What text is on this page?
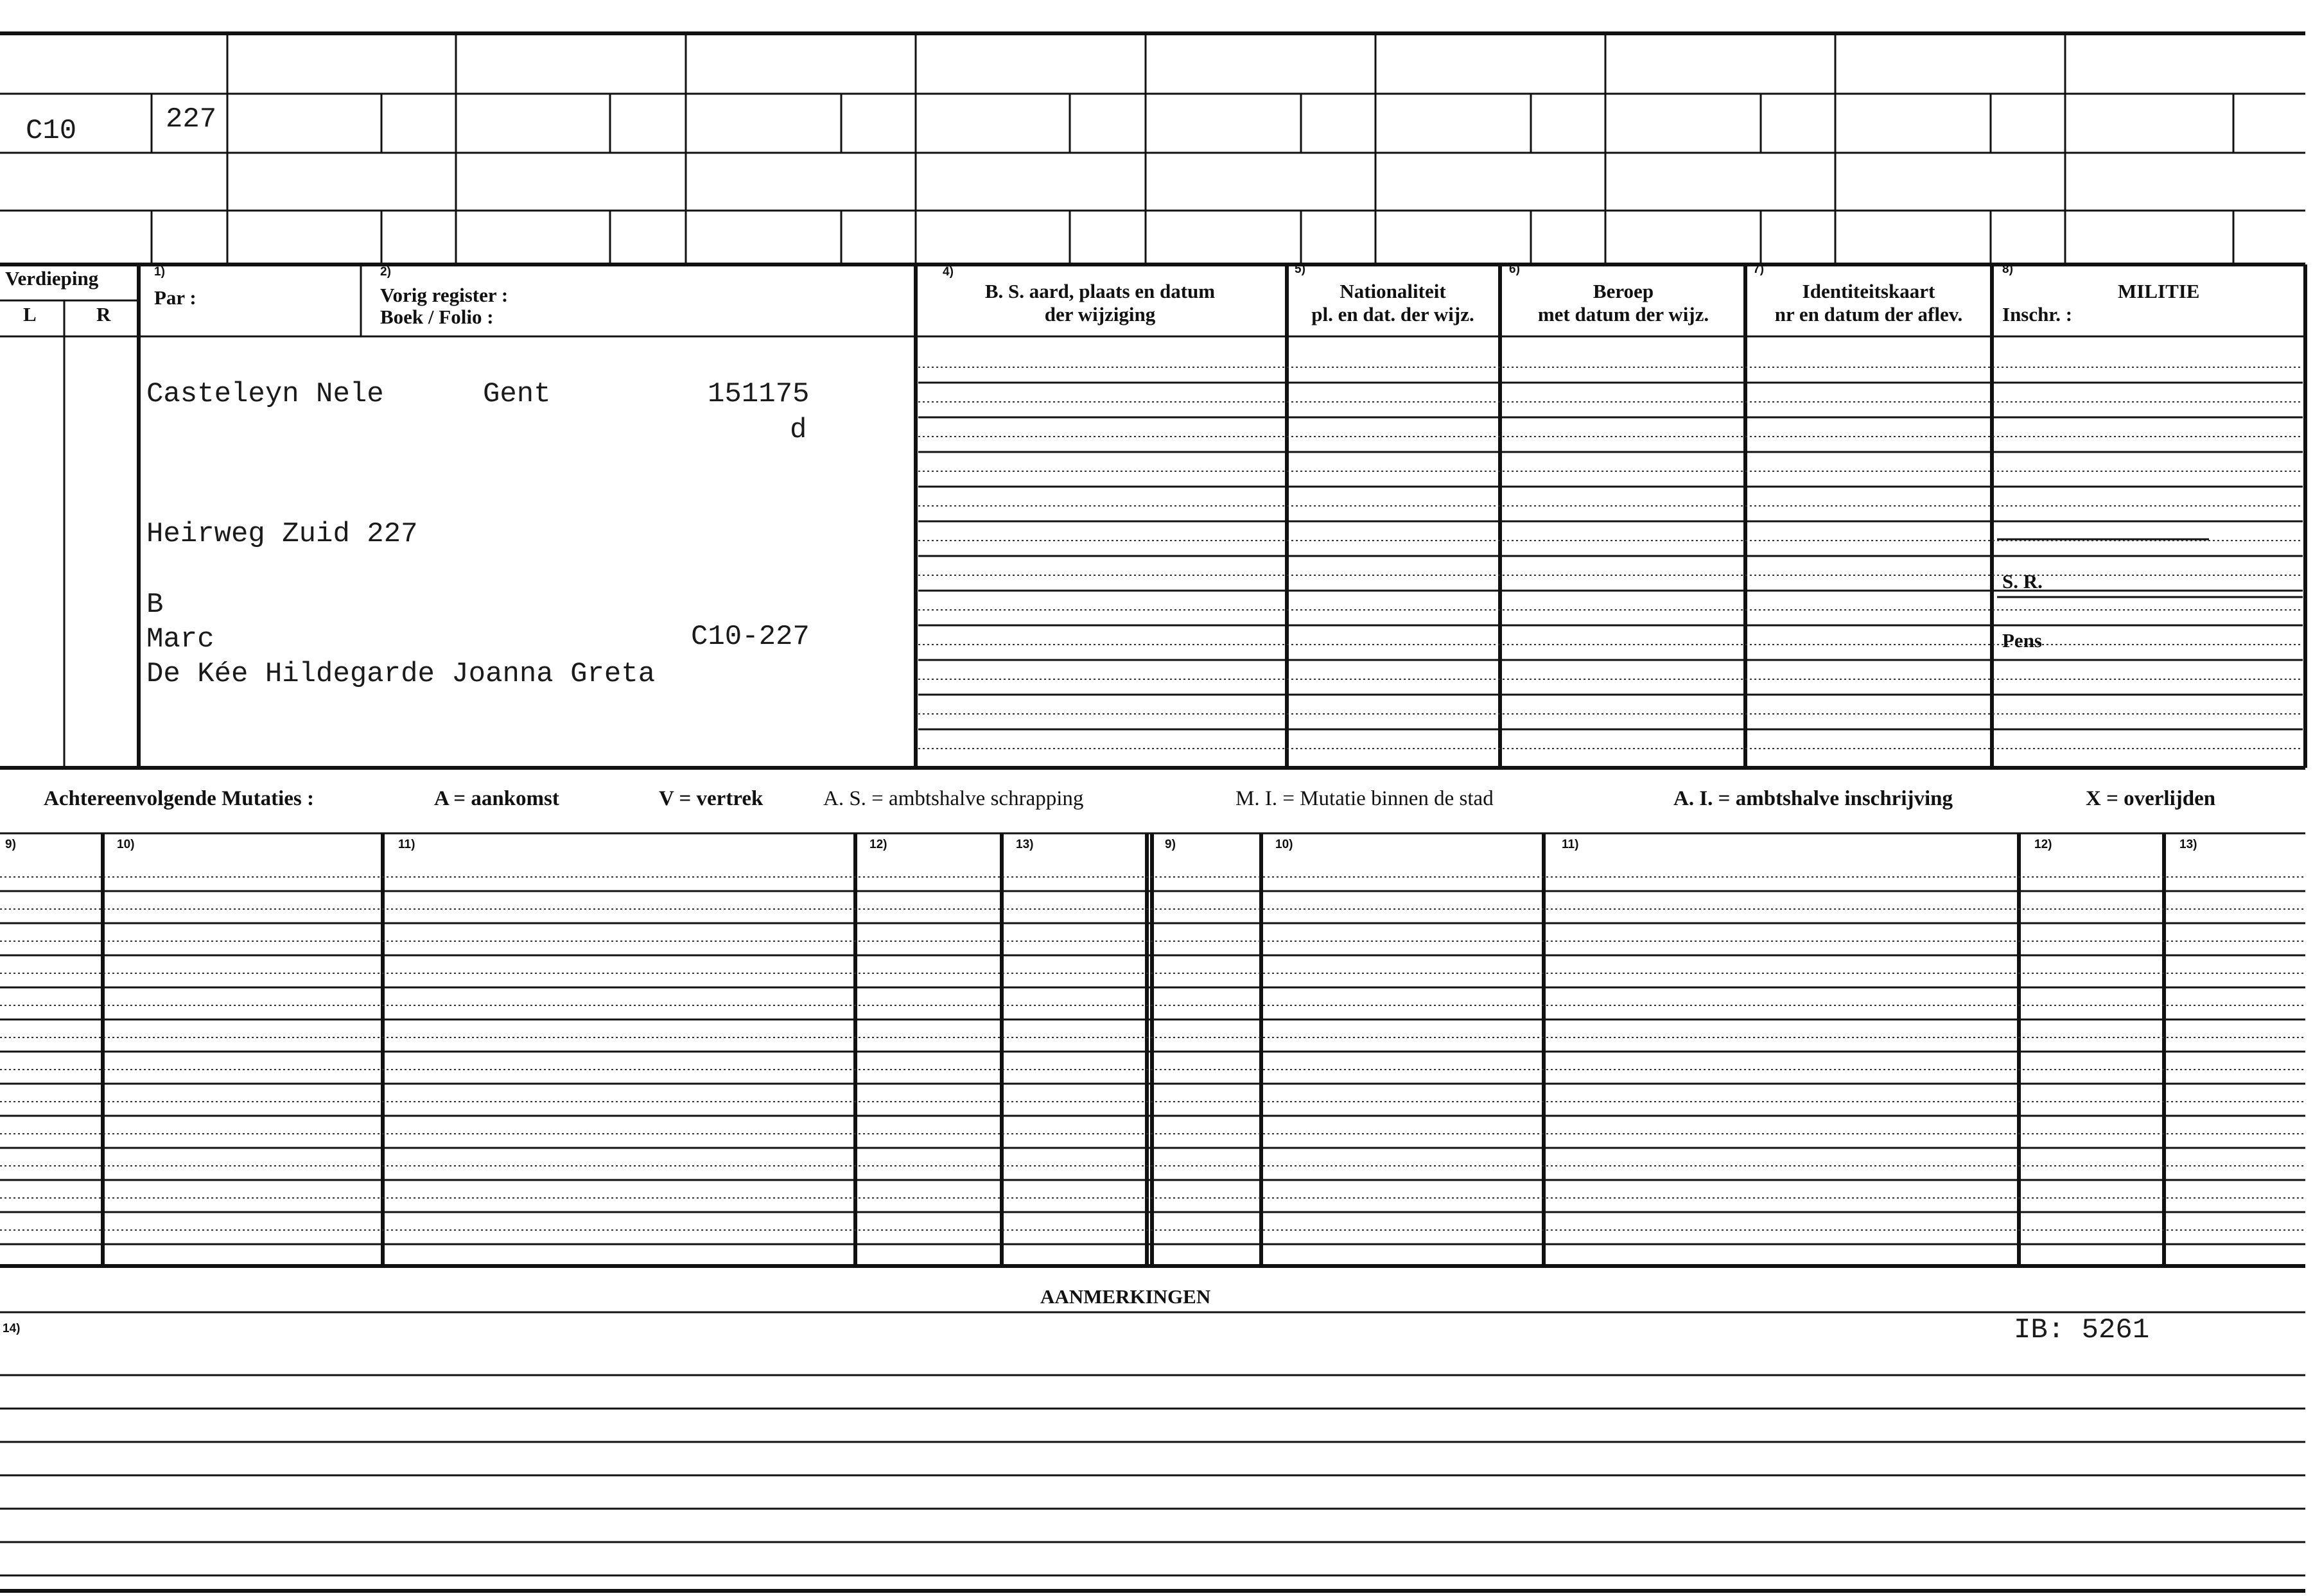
C10	227
Verdieping
L	R
1)
Par :
2)
Vorig register :
Boek / Folio :
4)
B. S. aard, plaats en datum
der wijziging
5)
Nationaliteit
pl. en dat. der wijz.
6)
Beroep
met datum der wijz.
7)
Identiteitskaart
nr en datum der aflev.
8)
MILITIE
Inschr. :
S. R.
Pens
Casteleyn Nele	Gent	151175
d
Heirweg Zuid 227
B
Marc	C10-227
De Kée Hildegarde Joanna Greta
Achtereenvolgende Mutaties :	A = aankomst	V = vertrek	A. S. = ambtshalve schrapping	M. I. = Mutatie binnen de stad	A. I. = ambtshalve inschrijving	X = overlijden
9)	10)	11)	12)	13)	9)	10)	11)	12)	13)
AANMERKINGEN
14)	IB: 5261
